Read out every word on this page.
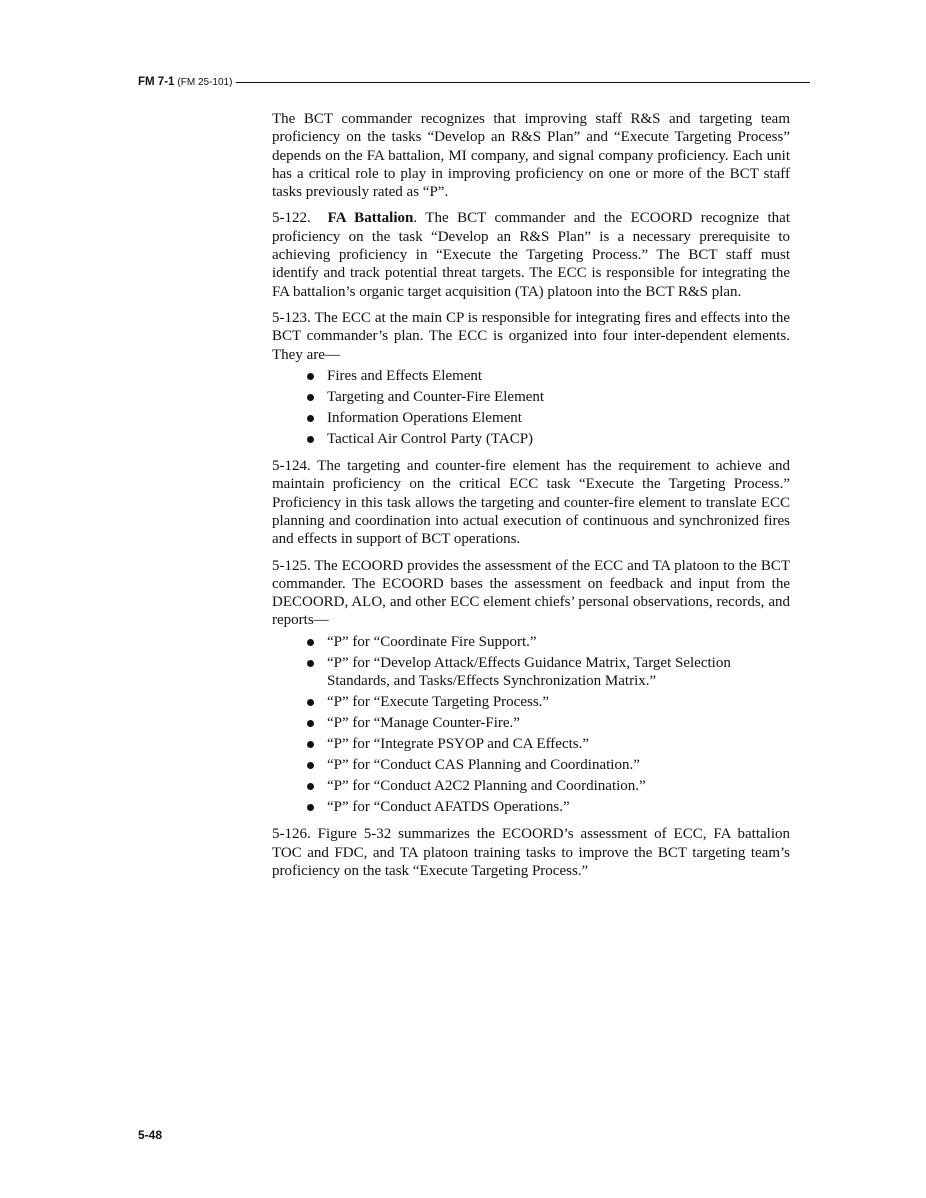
FM 7-1 (FM 25-101)

The BCT commander recognizes that improving staff R&S and targeting team proficiency on the tasks “Develop an R&S Plan” and “Execute Targeting Process” depends on the FA battalion, MI company, and signal company proficiency. Each unit has a critical role to play in improving proficiency on one or more of the BCT staff tasks previously rated as “P”.

5-122. FA Battalion. The BCT commander and the ECOORD recognize that proficiency on the task “Develop an R&S Plan” is a necessary prerequisite to achieving proficiency in “Execute the Targeting Process.” The BCT staff must identify and track potential threat targets. The ECC is responsible for integrating the FA battalion’s organic target acquisition (TA) platoon into the BCT R&S plan.

5-123. The ECC at the main CP is responsible for integrating fires and effects into the BCT commander’s plan. The ECC is organized into four inter-dependent elements. They are—

Fires and Effects Element
Targeting and Counter-Fire Element
Information Operations Element
Tactical Air Control Party (TACP)

5-124. The targeting and counter-fire element has the requirement to achieve and maintain proficiency on the critical ECC task “Execute the Targeting Process.” Proficiency in this task allows the targeting and counter-fire element to translate ECC planning and coordination into actual execution of continuous and synchronized fires and effects in support of BCT operations.

5-125. The ECOORD provides the assessment of the ECC and TA platoon to the BCT commander. The ECOORD bases the assessment on feedback and input from the DECOORD, ALO, and other ECC element chiefs’ personal observations, records, and reports—

“P” for “Coordinate Fire Support.”
“P” for “Develop Attack/Effects Guidance Matrix, Target Selection Standards, and Tasks/Effects Synchronization Matrix.”
“P” for “Execute Targeting Process.”
“P” for “Manage Counter-Fire.”
“P” for “Integrate PSYOP and CA Effects.”
“P” for “Conduct CAS Planning and Coordination.”
“P” for “Conduct A2C2 Planning and Coordination.”
“P” for “Conduct AFATDS Operations.”

5-126. Figure 5-32 summarizes the ECOORD’s assessment of ECC, FA battalion TOC and FDC, and TA platoon training tasks to improve the BCT targeting team’s proficiency on the task “Execute Targeting Process.”

5-48
